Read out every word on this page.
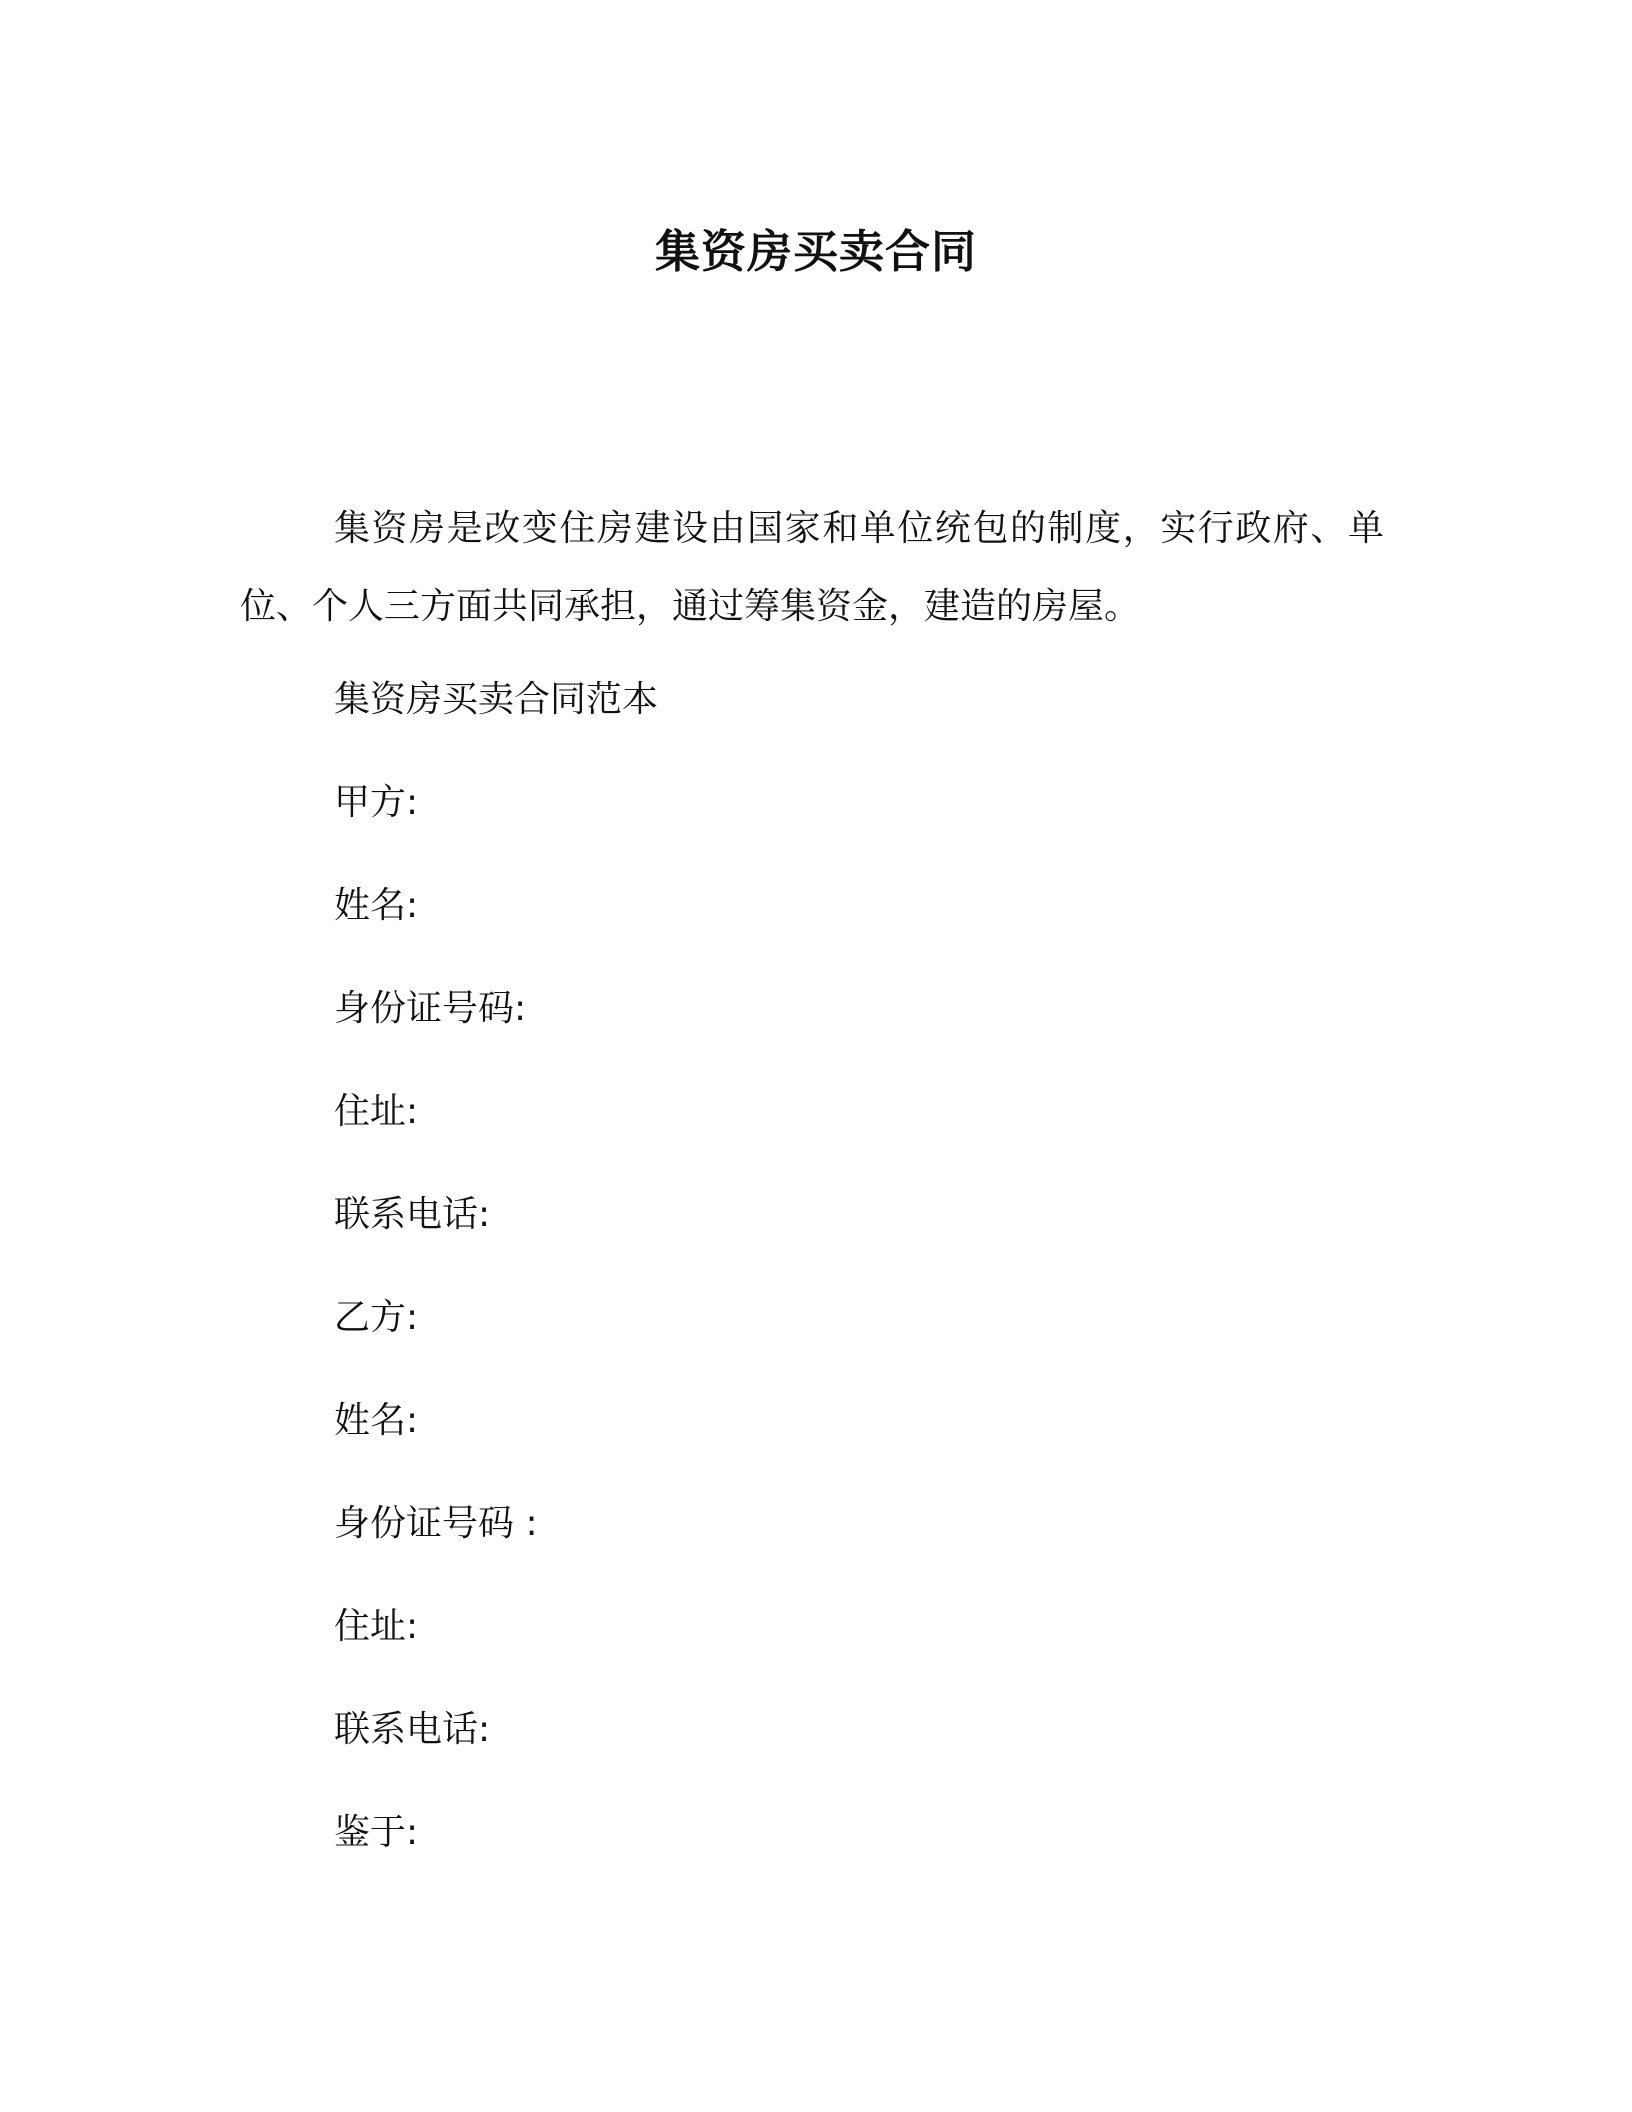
集资房买卖合同

集资房是改变住房建设由国家和单位统包的制度，实行政府、单位、个人三方面共同承担，通过筹集资金，建造的房屋。

集资房买卖合同范本

甲方:

姓名:

身份证号码:

住址:

联系电话:

乙方:

姓名:

身份证号码 :

住址:

联系电话:

鉴于:
